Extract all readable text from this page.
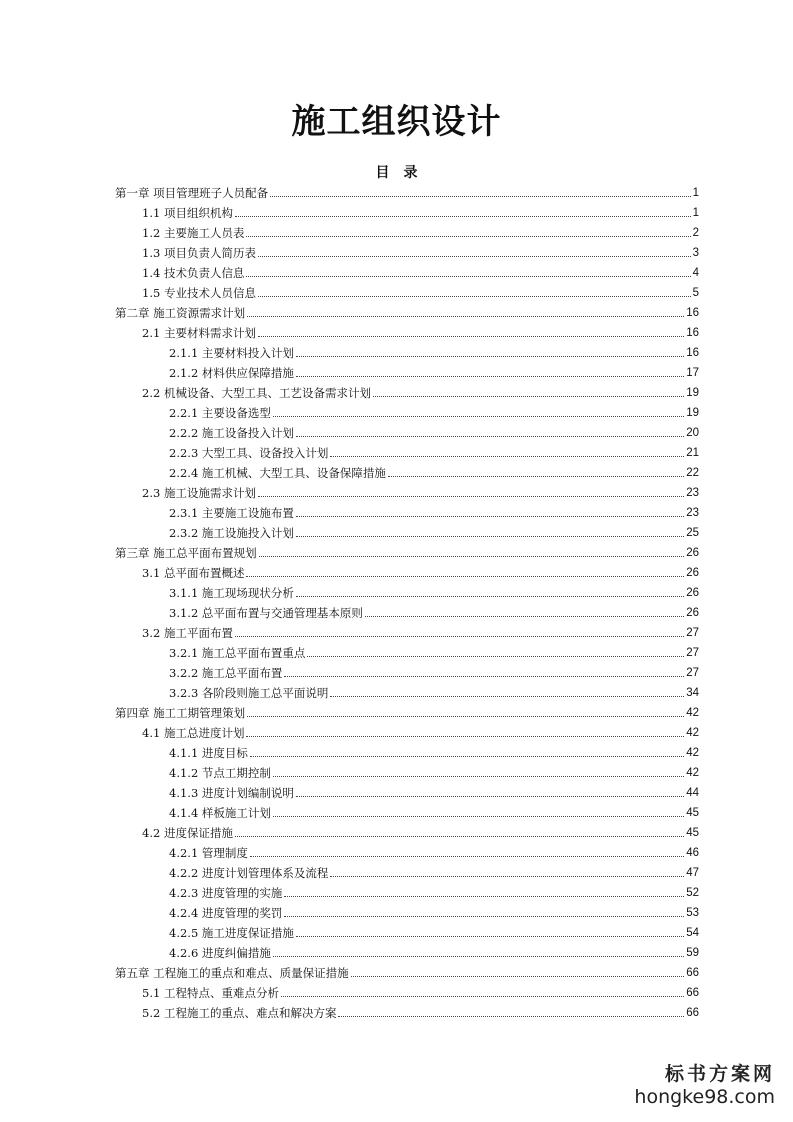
施工组织设计
目　录
第一章 项目管理班子人员配备	1
1.1 项目组织机构	1
1.2 主要施工人员表	2
1.3 项目负责人简历表	3
1.4 技术负责人信息	4
1.5 专业技术人员信息	5
第二章 施工资源需求计划	16
2.1 主要材料需求计划	16
2.1.1 主要材料投入计划	16
2.1.2 材料供应保障措施	17
2.2 机械设备、大型工具、工艺设备需求计划	19
2.2.1 主要设备选型	19
2.2.2 施工设备投入计划	20
2.2.3 大型工具、设备投入计划	21
2.2.4 施工机械、大型工具、设备保障措施	22
2.3 施工设施需求计划	23
2.3.1 主要施工设施布置	23
2.3.2 施工设施投入计划	25
第三章 施工总平面布置规划	26
3.1 总平面布置概述	26
3.1.1 施工现场现状分析	26
3.1.2 总平面布置与交通管理基本原则	26
3.2 施工平面布置	27
3.2.1 施工总平面布置重点	27
3.2.2 施工总平面布置	27
3.2.3 各阶段则施工总平面说明	34
第四章 施工工期管理策划	42
4.1 施工总进度计划	42
4.1.1 进度目标	42
4.1.2 节点工期控制	42
4.1.3 进度计划编制说明	44
4.1.4 样板施工计划	45
4.2 进度保证措施	45
4.2.1 管理制度	46
4.2.2 进度计划管理体系及流程	47
4.2.3 进度管理的实施	52
4.2.4 进度管理的奖罚	53
4.2.5 施工进度保证措施	54
4.2.6 进度纠偏措施	59
第五章 工程施工的重点和难点、质量保证措施	66
5.1 工程特点、重难点分析	66
5.2 工程施工的重点、难点和解决方案	66
标书方案网
hongke98.com
